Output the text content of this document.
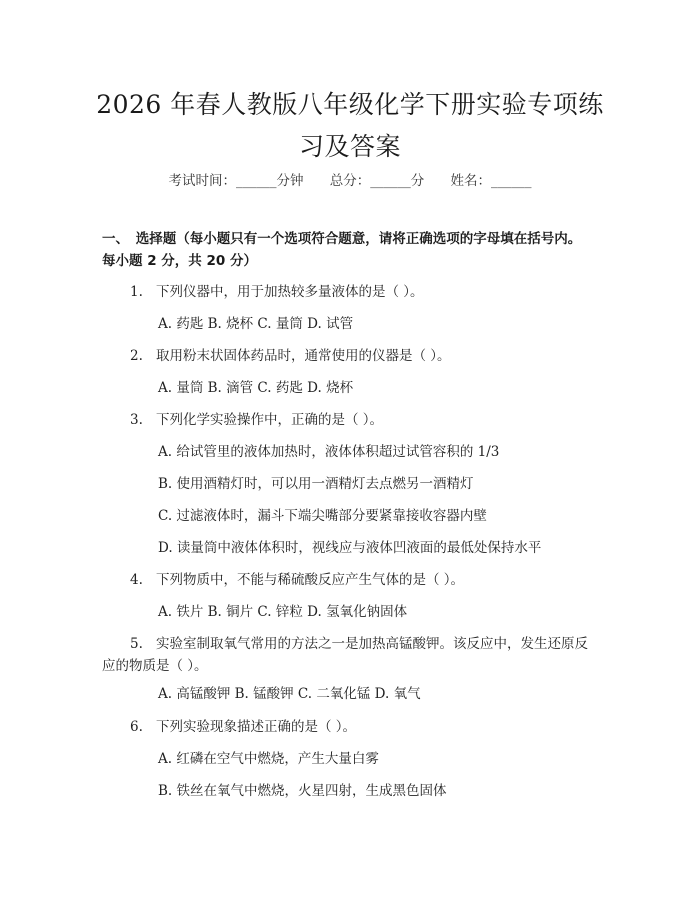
2026 年春人教版八年级化学下册实验专项练
习及答案
考试时间：______分钟 总分：______分 姓名：______
一、　选择题（每小题只有一个选项符合题意，请将正确选项的字母填在括号内。
每小题 2 分，共 20 分）
1. 下列仪器中，用于加热较多量液体的是（ ）。
A. 药匙 B. 烧杯 C. 量筒 D. 试管
2. 取用粉末状固体药品时，通常使用的仪器是（ ）。
A. 量筒 B. 滴管 C. 药匙 D. 烧杯
3. 下列化学实验操作中，正确的是（ ）。
A. 给试管里的液体加热时，液体体积超过试管容积的 1/3
B. 使用酒精灯时，可以用一酒精灯去点燃另一酒精灯
C. 过滤液体时，漏斗下端尖嘴部分要紧靠接收容器内壁
D. 读量筒中液体体积时，视线应与液体凹液面的最低处保持水平
4. 下列物质中，不能与稀硫酸反应产生气体的是（ ）。
A. 铁片 B. 铜片 C. 锌粒 D. 氢氧化钠固体
5. 实验室制取氧气常用的方法之一是加热高锰酸钾。该反应中，发生还原反
应的物质是（ ）。
A. 高锰酸钾 B. 锰酸钾 C. 二氧化锰 D. 氧气
6. 下列实验现象描述正确的是（ ）。
A. 红磷在空气中燃烧，产生大量白雾
B. 铁丝在氧气中燃烧，火星四射，生成黑色固体
